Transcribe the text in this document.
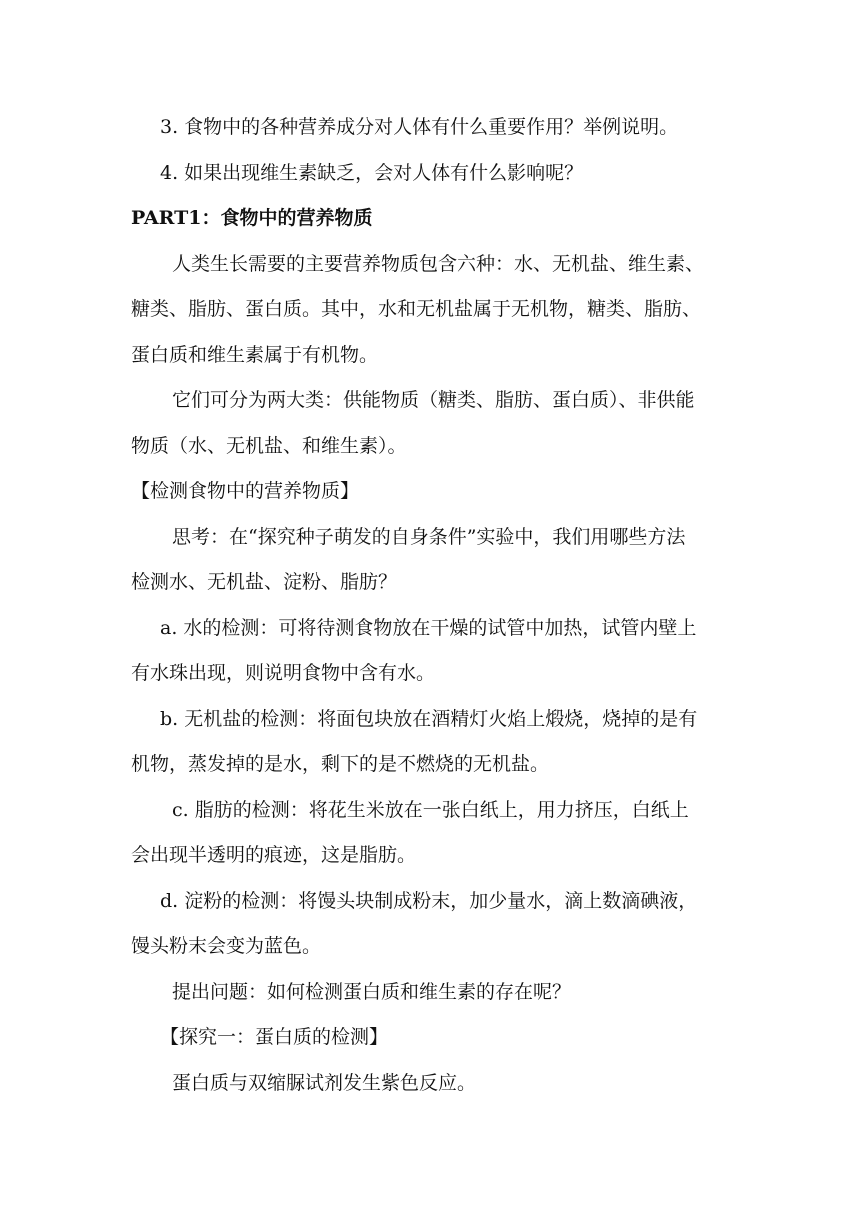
3. 食物中的各种营养成分对人体有什么重要作用？举例说明。
4. 如果出现维生素缺乏，会对人体有什么影响呢？
PART1：食物中的营养物质
人类生长需要的主要营养物质包含六种：水、无机盐、维生素、
糖类、脂肪、蛋白质。其中，水和无机盐属于无机物，糖类、脂肪、
蛋白质和维生素属于有机物。
它们可分为两大类：供能物质（糖类、脂肪、蛋白质）、非供能
物质（水、无机盐、和维生素）。
【检测食物中的营养物质】
思考：在“探究种子萌发的自身条件”实验中，我们用哪些方法
检测水、无机盐、淀粉、脂肪？
a. 水的检测：可将待测食物放在干燥的试管中加热，试管内壁上
有水珠出现，则说明食物中含有水。
b. 无机盐的检测：将面包块放在酒精灯火焰上煅烧，烧掉的是有
机物，蒸发掉的是水，剩下的是不燃烧的无机盐。
c. 脂肪的检测：将花生米放在一张白纸上，用力挤压，白纸上
会出现半透明的痕迹，这是脂肪。
d. 淀粉的检测：将馒头块制成粉末，加少量水，滴上数滴碘液，
馒头粉末会变为蓝色。
提出问题：如何检测蛋白质和维生素的存在呢？
【探究一：蛋白质的检测】
蛋白质与双缩脲试剂发生紫色反应。
